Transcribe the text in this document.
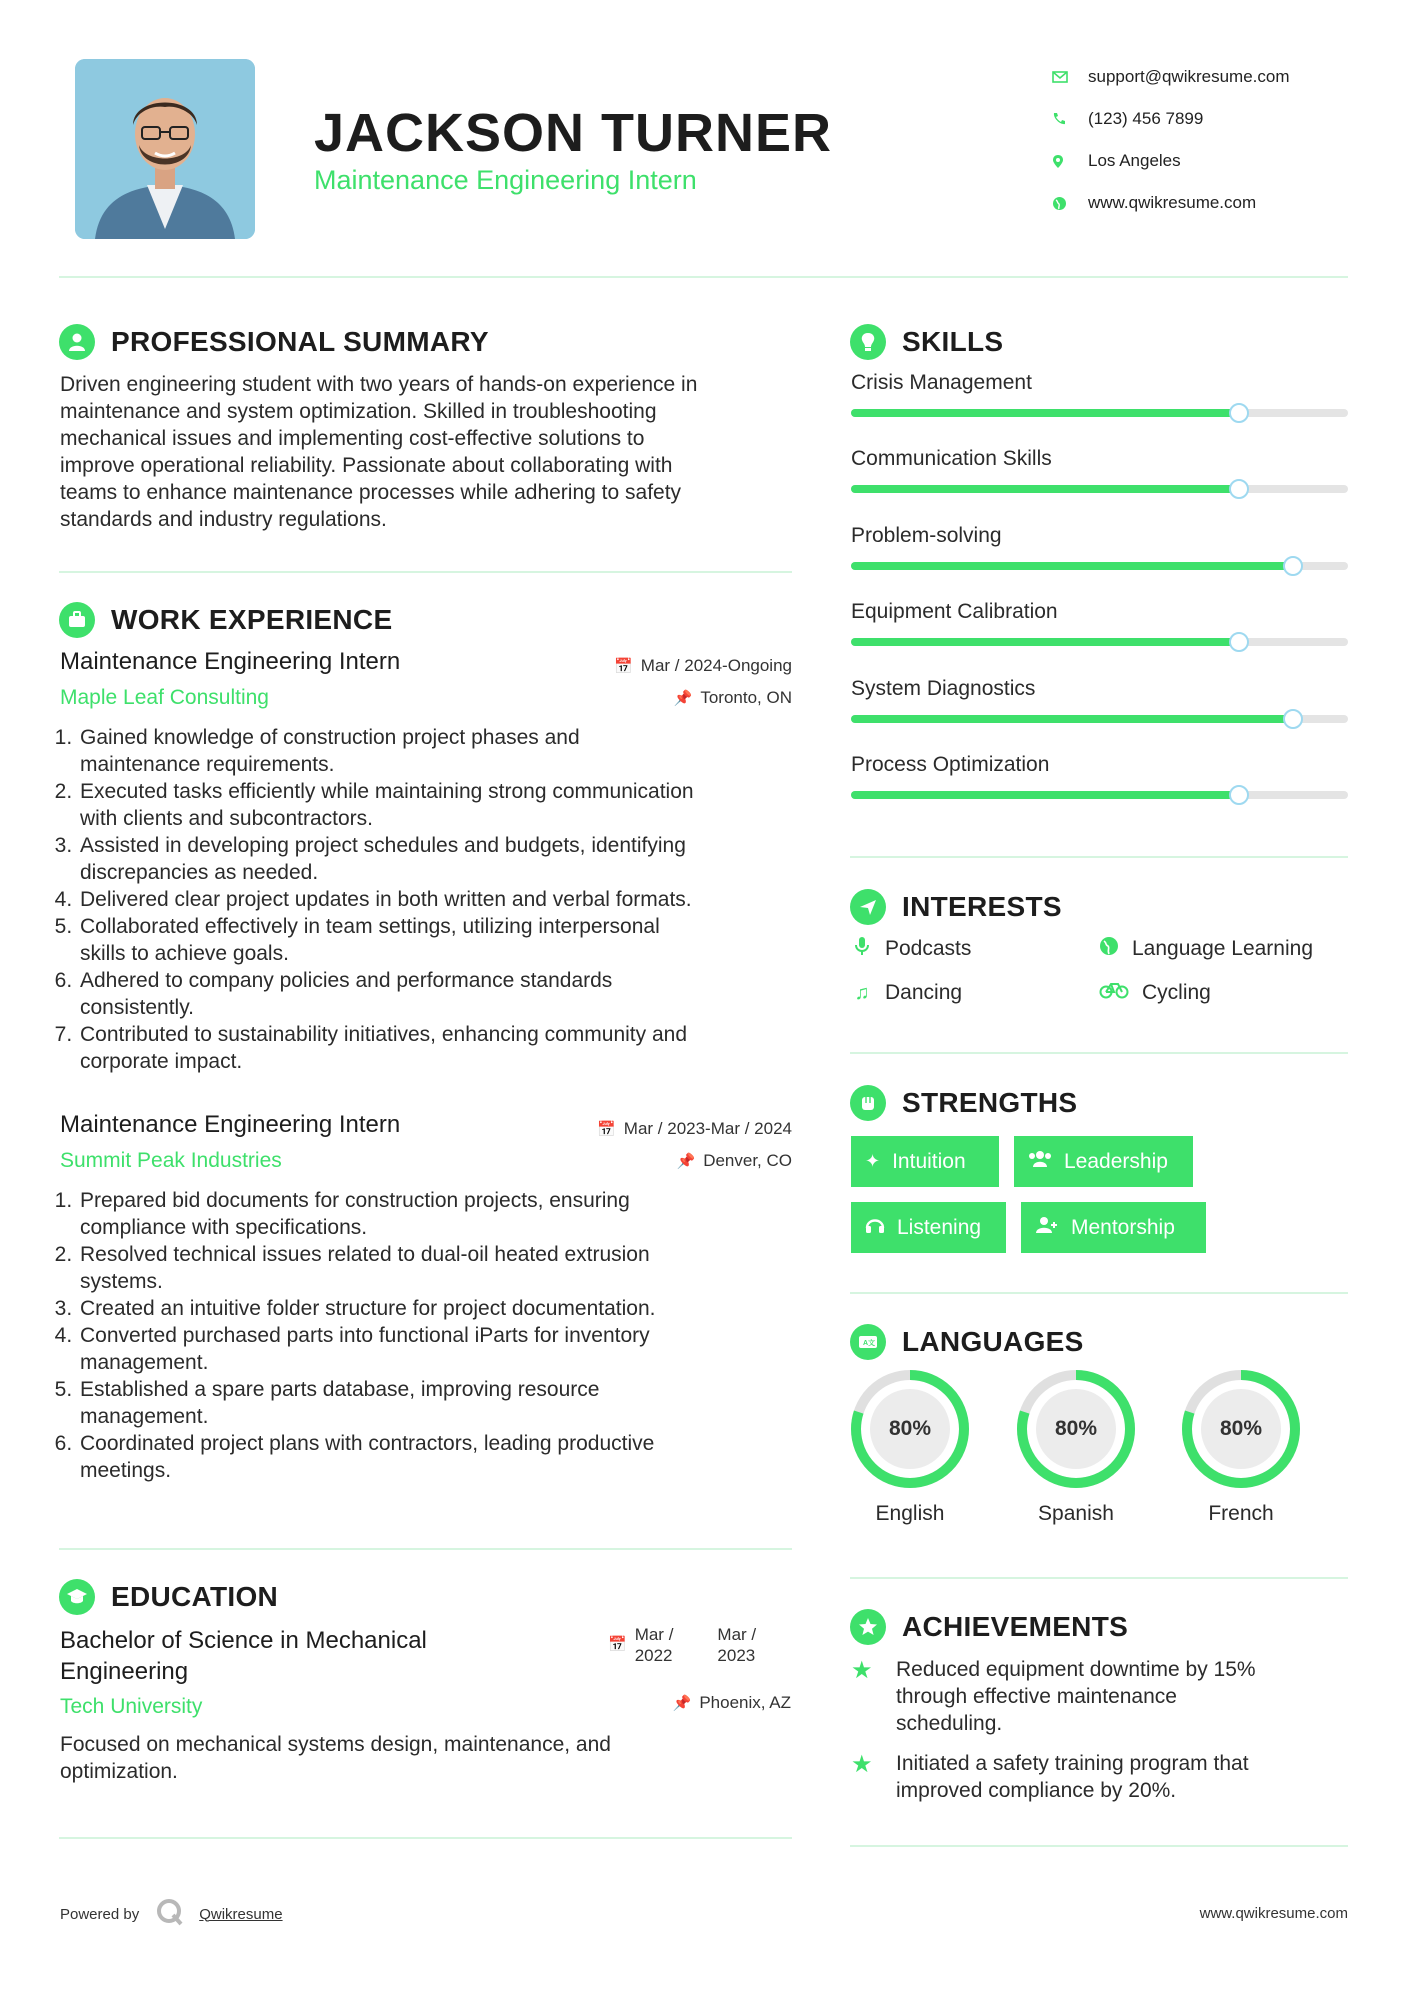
JACKSON TURNER
Maintenance Engineering Intern
support@qwikresume.com
(123) 456 7899
Los Angeles
www.qwikresume.com
PROFESSIONAL SUMMARY
Driven engineering student with two years of hands-on experience in
maintenance and system optimization. Skilled in troubleshooting
mechanical issues and implementing cost-effective solutions to
improve operational reliability. Passionate about collaborating with
teams to enhance maintenance processes while adhering to safety
standards and industry regulations.
WORK EXPERIENCE
Maintenance Engineering Intern
Maple Leaf Consulting
📅 Mar / 2024-Ongoing
📌 Toronto, ON
1. Gained knowledge of construction project phases and
maintenance requirements.
2. Executed tasks efficiently while maintaining strong communication
with clients and subcontractors.
3. Assisted in developing project schedules and budgets, identifying
discrepancies as needed.
4. Delivered clear project updates in both written and verbal formats.
5. Collaborated effectively in team settings, utilizing interpersonal
skills to achieve goals.
6. Adhered to company policies and performance standards
consistently.
7. Contributed to sustainability initiatives, enhancing community and
corporate impact.
Maintenance Engineering Intern
Summit Peak Industries
📅 Mar / 2023-Mar / 2024
📌 Denver, CO
1. Prepared bid documents for construction projects, ensuring
compliance with specifications.
2. Resolved technical issues related to dual-oil heated extrusion
systems.
3. Created an intuitive folder structure for project documentation.
4. Converted purchased parts into functional iParts for inventory
management.
5. Established a spare parts database, improving resource
management.
6. Coordinated project plans with contractors, leading productive
meetings.
EDUCATION
Bachelor of Science in Mechanical
Engineering
Tech University
📅
Mar /
2022
Mar /
2023
📌 Phoenix, AZ
Focused on mechanical systems design, maintenance, and
optimization.
SKILLS
Crisis Management
Communication Skills
Problem-solving
Equipment Calibration
System Diagnostics
Process Optimization
INTERESTS
Podcasts	Language Learning
♫ Dancing	Cycling
STRENGTHS
✦ Intuition	Leadership
Listening	Mentorship
A文 LANGUAGES
80%
English
80%
Spanish
80%
French
ACHIEVEMENTS
★	Reduced equipment downtime by 15%
through effective maintenance
scheduling.
★	Initiated a safety training program that
improved compliance by 20%.
Powered by	Qwikresume	www.qwikresume.com
